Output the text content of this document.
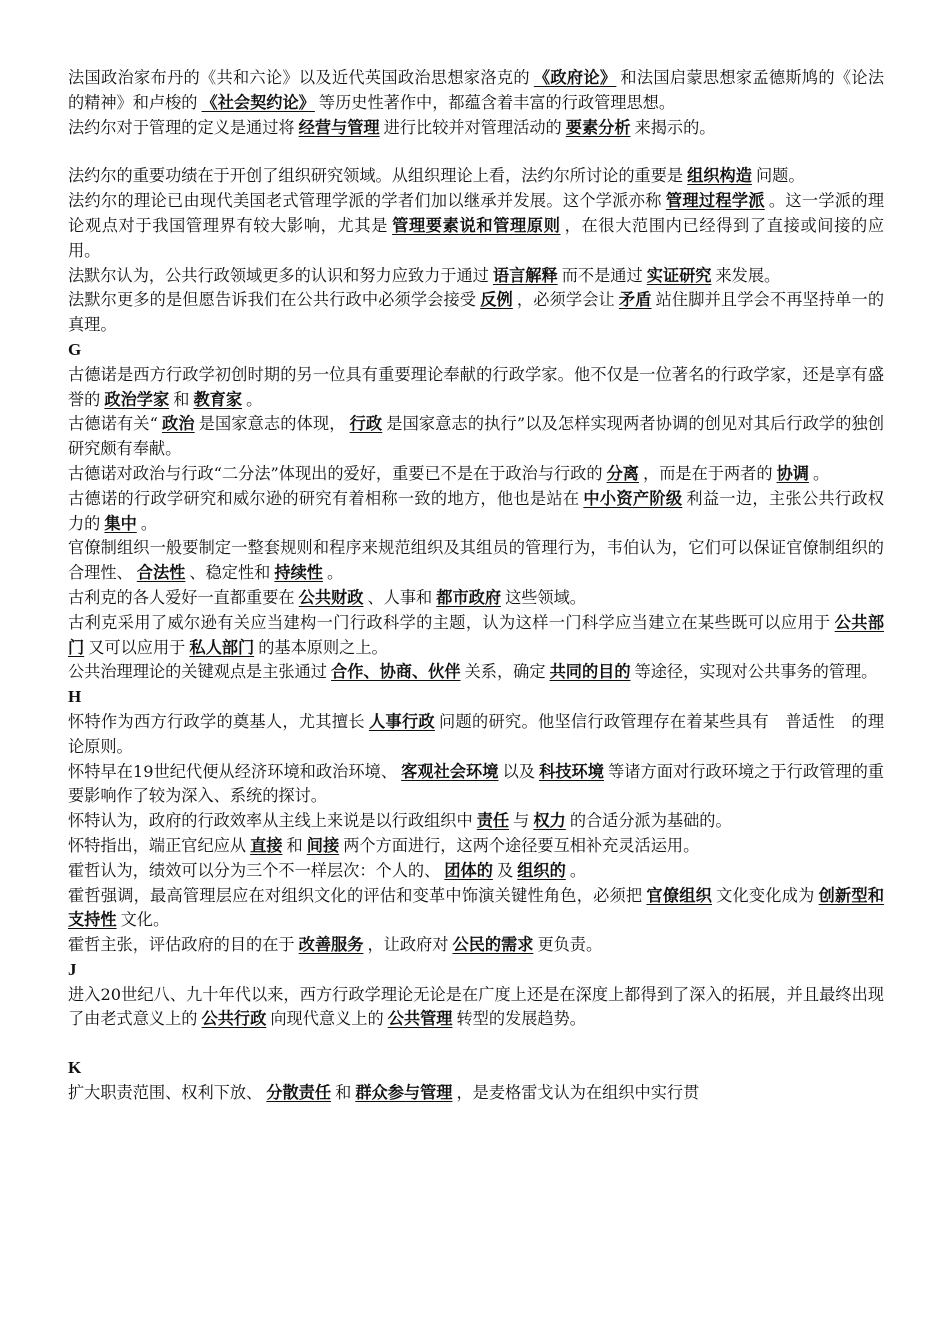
法国政治家布丹的《共和六论》以及近代英国政治思想家洛克的 《政府论》 和法国启蒙思想家孟德斯鸠的《论法的精神》和卢梭的 《社会契约论》 等历史性著作中，都蕴含着丰富的行政管理思想。

法约尔对于管理的定义是通过将 经营与管理 进行比较并对管理活动的 要素分析 来揭示的。

法约尔的重要功绩在于开创了组织研究领域。从组织理论上看，法约尔所讨论的重要是 组织构造 问题。

法约尔的理论已由现代美国老式管理学派的学者们加以继承并发展。这个学派亦称 管理过程学派 。这一学派的理论观点对于我国管理界有较大影响，尤其是 管理要素说和管理原则 ，在很大范围内已经得到了直接或间接的应用。

法默尔认为，公共行政领域更多的认识和努力应致力于通过 语言解释 而不是通过 实证研究 来发展。

法默尔更多的是但愿告诉我们在公共行政中必须学会接受 反例 ，必须学会让 矛盾 站住脚并且学会不再坚持单一的真理。

G

古德诺是西方行政学初创时期的另一位具有重要理论奉献的行政学家。他不仅是一位著名的行政学家，还是享有盛誉的 政治学家 和 教育家 。

古德诺有关“ 政治 是国家意志的体现， 行政 是国家意志的执行”以及怎样实现两者协调的创见对其后行政学的独创研究颇有奉献。

古德诺对政治与行政“二分法”体现出的爱好，重要已不是在于政治与行政的 分离 ，而是在于两者的 协调 。

古德诺的行政学研究和威尔逊的研究有着相称一致的地方，他也是站在 中小资产阶级 利益一边，主张公共行政权力的 集中 。

官僚制组织一般要制定一整套规则和程序来规范组织及其组员的管理行为，韦伯认为，它们可以保证官僚制组织的合理性、 合法性 、稳定性和 持续性 。

古利克的各人爱好一直都重要在 公共财政 、人事和 都市政府 这些领域。

古利克采用了威尔逊有关应当建构一门行政科学的主题，认为这样一门科学应当建立在某些既可以应用于 公共部门 又可以应用于 私人部门 的基本原则之上。

公共治理理论的关键观点是主张通过 合作、协商、伙伴 关系，确定 共同的目的 等途径，实现对公共事务的管理。

H

怀特作为西方行政学的奠基人，尤其擅长 人事行政 问题的研究。他坚信行政管理存在着某些具有　普适性　的理论原则。

怀特早在19世纪代便从经济环境和政治环境、 客观社会环境 以及 科技环境 等诸方面对行政环境之于行政管理的重要影响作了较为深入、系统的探讨。

怀特认为，政府的行政效率从主线上来说是以行政组织中 责任 与 权力 的合适分派为基础的。

怀特指出，端正官纪应从 直接 和 间接 两个方面进行，这两个途径要互相补充灵活运用。

霍哲认为，绩效可以分为三个不一样层次：个人的、 团体的 及 组织的 。

霍哲强调，最高管理层应在对组织文化的评估和变革中饰演关键性角色，必须把 官僚组织 文化变化成为 创新型和支持性 文化。

霍哲主张，评估政府的目的在于 改善服务 ，让政府对 公民的需求 更负责。

J

进入20世纪八、九十年代以来，西方行政学理论无论是在广度上还是在深度上都得到了深入的拓展，并且最终出现了由老式意义上的 公共行政 向现代意义上的 公共管理 转型的发展趋势。

K

扩大职责范围、权利下放、 分散责任 和 群众参与管理 ，是麦格雷戈认为在组织中实行贯
